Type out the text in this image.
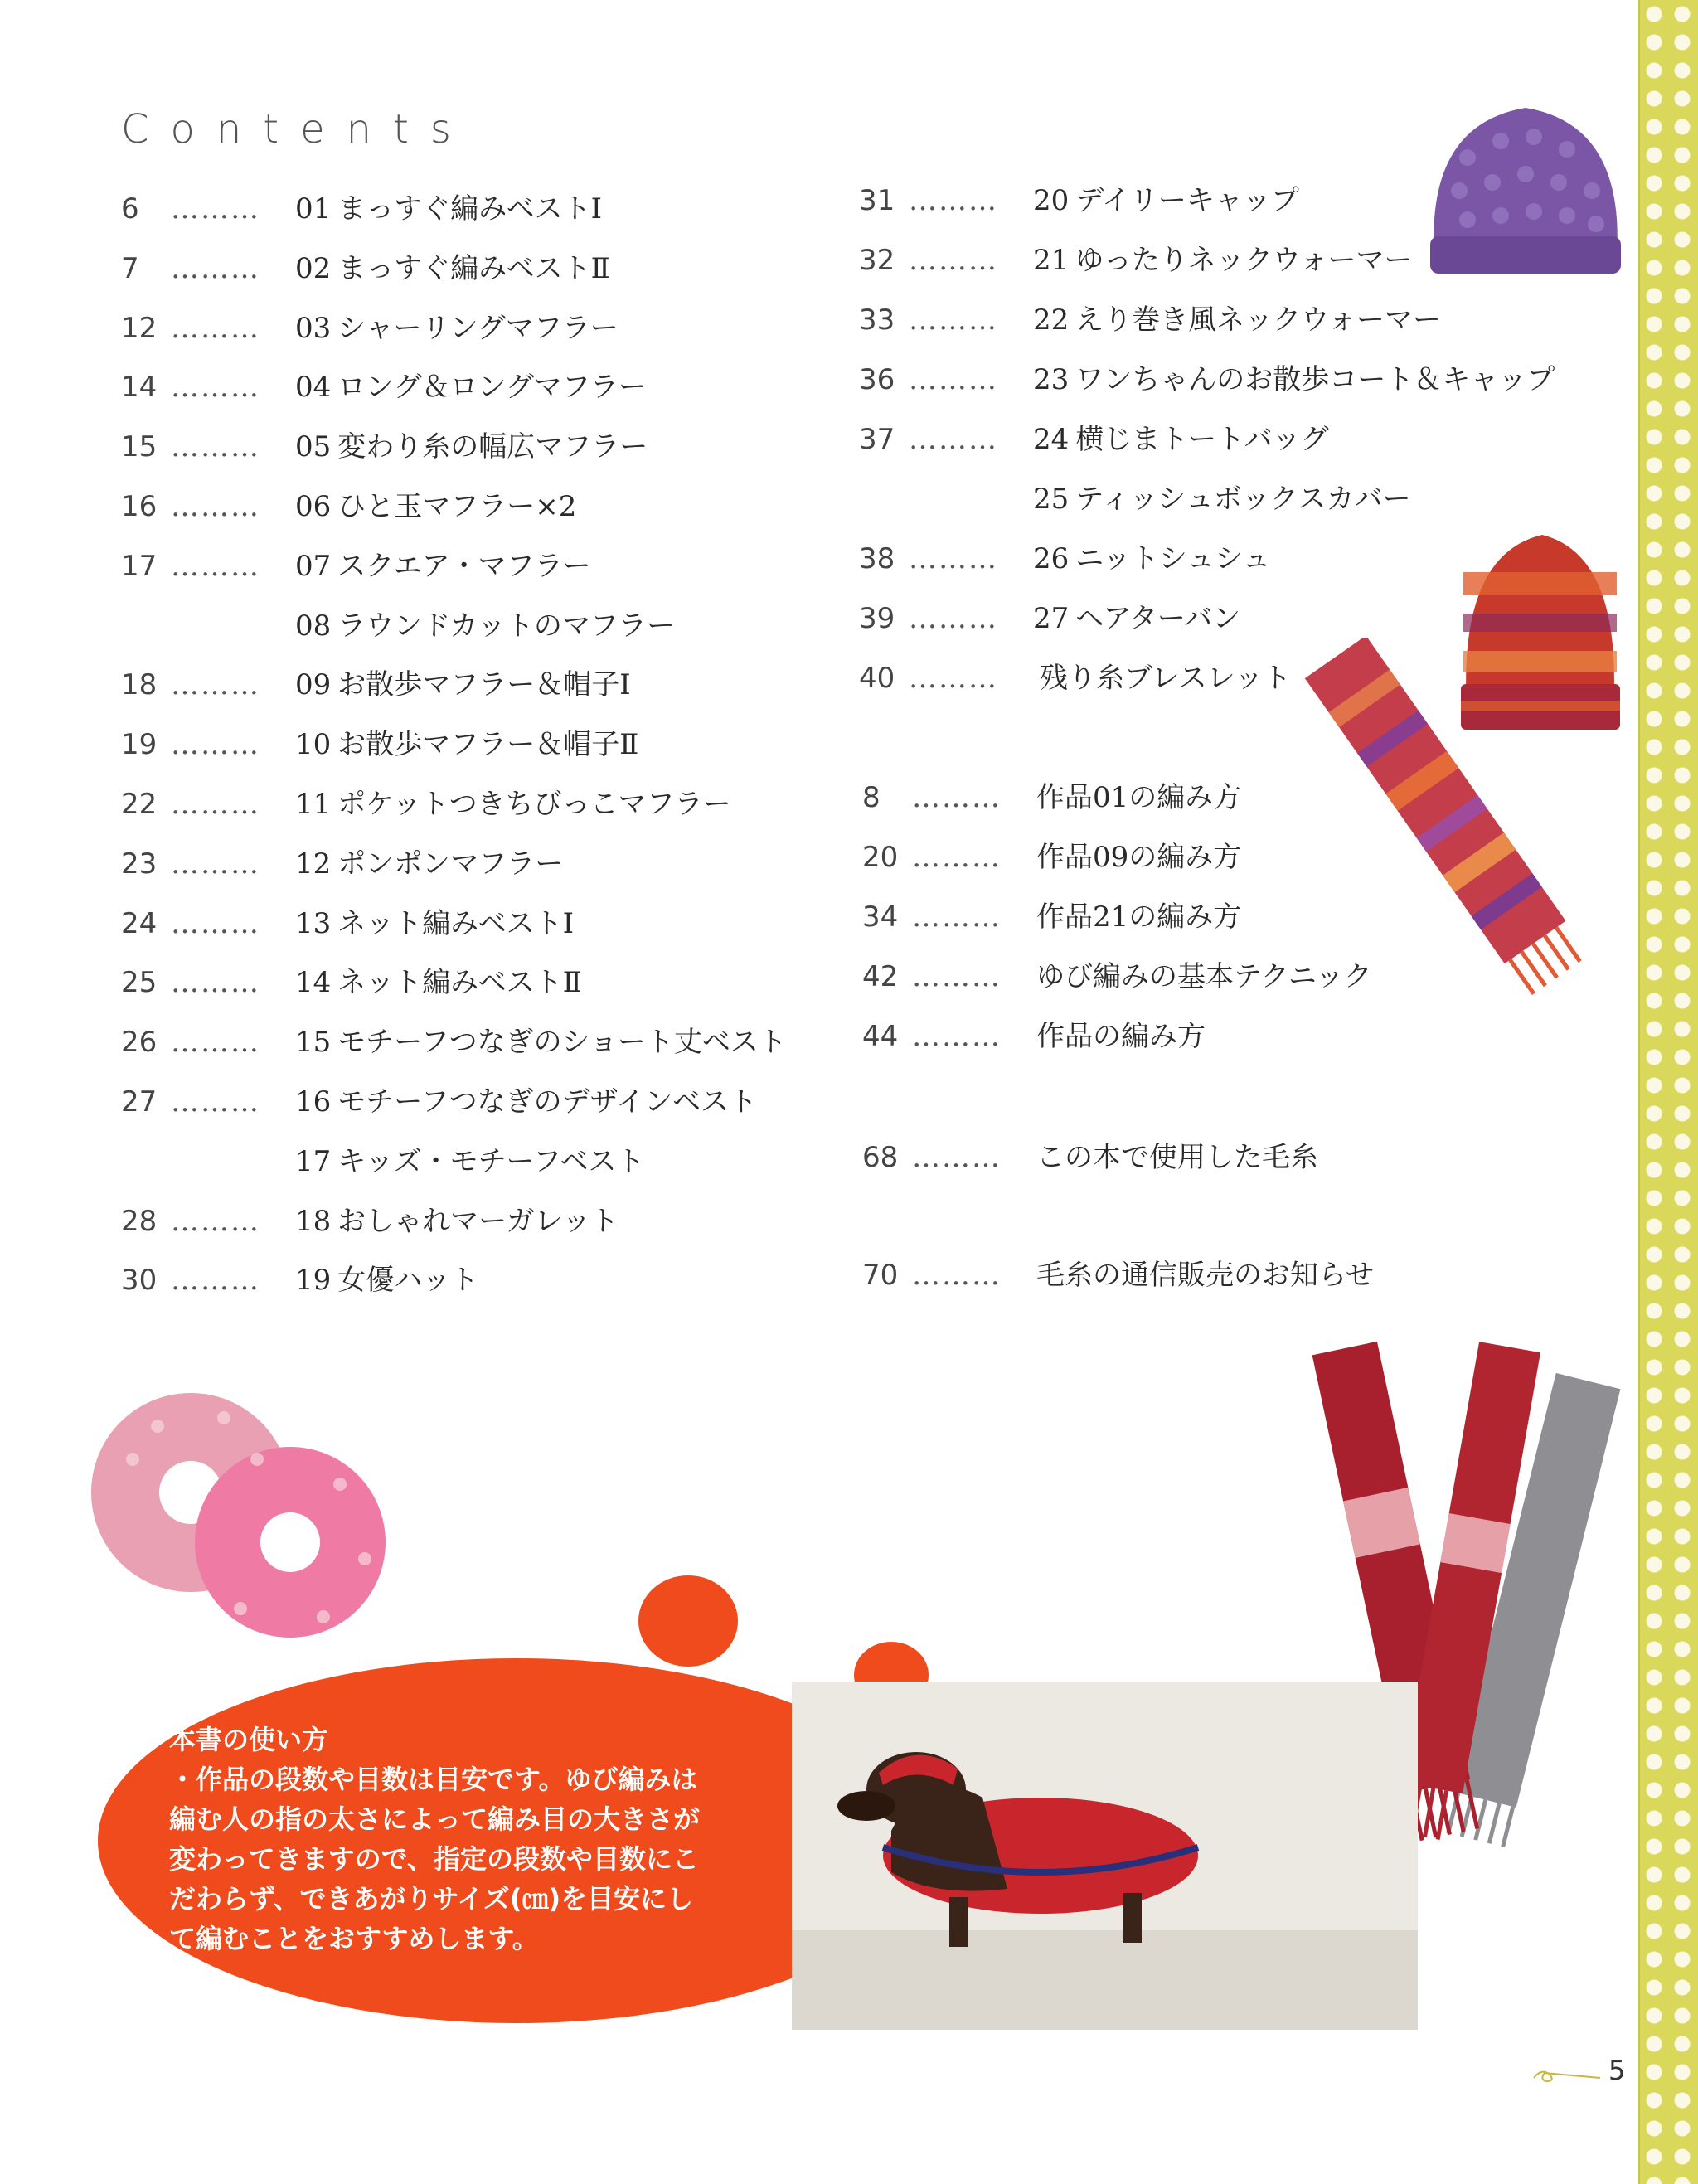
Contents
6 ……… 01 まっすぐ編みベストⅠ
7 ……… 02 まっすぐ編みベストⅡ
12 ……… 03 シャーリングマフラー
14 ……… 04 ロング＆ロングマフラー
15 ……… 05 変わり糸の幅広マフラー
16 ……… 06 ひと玉マフラー×2
17 ……… 07 スクエア・マフラー
08 ラウンドカットのマフラー
18 ……… 09 お散歩マフラー＆帽子Ⅰ
19 ……… 10 お散歩マフラー＆帽子Ⅱ
22 ……… 11 ポケットつきちびっこマフラー
23 ……… 12 ポンポンマフラー
24 ……… 13 ネット編みベストⅠ
25 ……… 14 ネット編みベストⅡ
26 ……… 15 モチーフつなぎのショート丈ベスト
27 ……… 16 モチーフつなぎのデザインベスト
17 キッズ・モチーフベスト
28 ……… 18 おしゃれマーガレット
30 ……… 19 女優ハット
31 ……… 20 デイリーキャップ
32 ……… 21 ゆったりネックウォーマー
33 ……… 22 えり巻き風ネックウォーマー
36 ……… 23 ワンちゃんのお散歩コート＆キャップ
37 ……… 24 横じまトートバッグ
25 ティッシュボックスカバー
38 ……… 26 ニットシュシュ
39 ……… 27 ヘアターバン
40 ……… 残り糸ブレスレット
8 ……… 作品01の編み方
20 ……… 作品09の編み方
34 ……… 作品21の編み方
42 ……… ゆび編みの基本テクニック
44 ……… 作品の編み方
68 ……… この本で使用した毛糸
70 ……… 毛糸の通信販売のお知らせ
本書の使い方
・作品の段数や目数は目安です。ゆび編みは
編む人の指の太さによって編み目の大きさが
変わってきますので、指定の段数や目数にこ
だわらず、できあがりサイズ(㎝)を目安にし
て編むことをおすすめします。
5
